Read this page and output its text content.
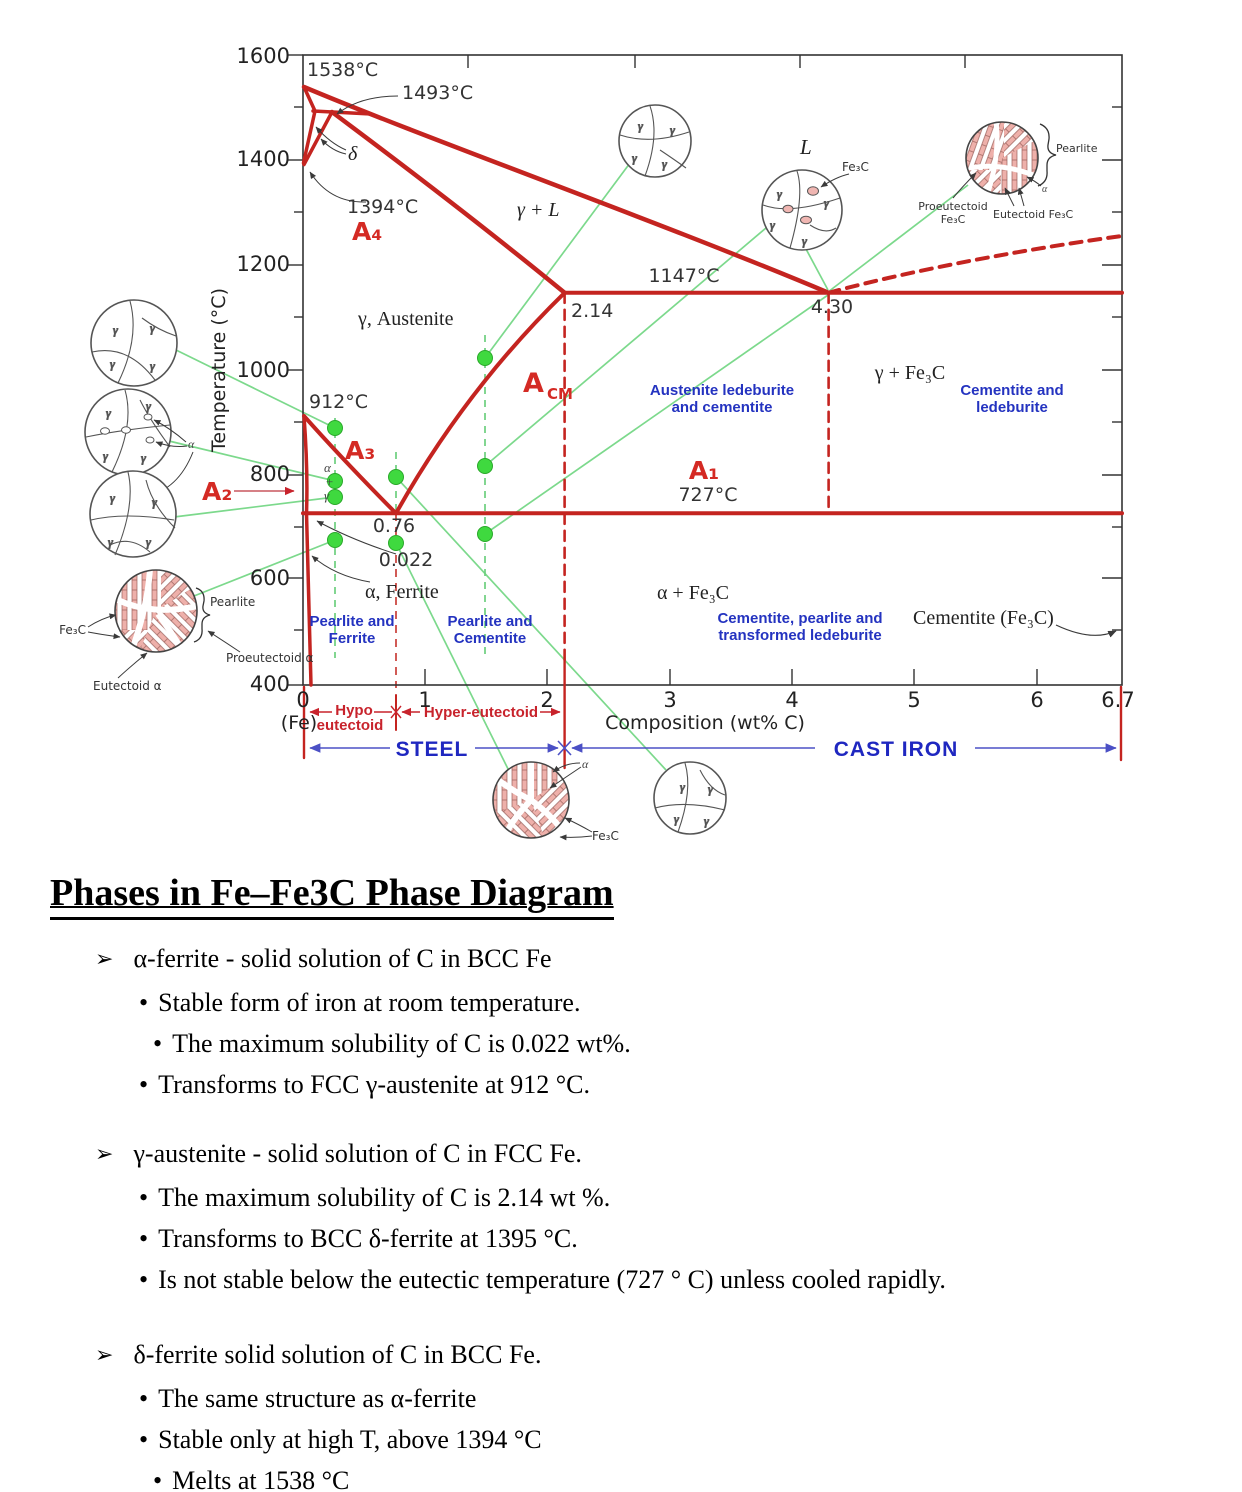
γ	γ
γ	γ
γ	γ
γ	γ
α
γ	γ
γ	γ
Pearlite
Fe₃C
Proeutectoid α
Eutectoid α
γ γ
γ γ
γ
γ
γ
γ
L
Fe₃C
Pearlite
α
Proeutectoid
Fe₃C	Eutectoid Fe₃C
α
Fe₃C
γ γ
γ γ
1600
1400
1200
1000
800
600
400
0	1	2	3	4	5	6	6.7
(Fe)	Composition (wt% C)
Temperature (°C)
1538°C
1493°C
δ
1394°C
A₄
γ + L
1147°C
2.14	4.30
γ, Austenite
A CM
912°C
A₃
α
+
γ
A₂
A₁
727°C
0.76
0.022
α, Ferrite
γ + Fe₃C
α + Fe₃C
Cementite (Fe₃C)
Austenite ledeburite
and cementite
Cementite and
ledeburite
Pearlite and
Ferrite
Pearlite and
Cementite
Cementite, pearlite and
transformed ledeburite
Hypo
eutectoid
Hyper-eutectoid
STEEL	CAST IRON
Phases in Fe–Fe3C Phase Diagram
➢ α-ferrite - solid solution of C in BCC Fe
• Stable form of iron at room temperature.
• The maximum solubility of C is 0.022 wt%.
• Transforms to FCC γ-austenite at 912 °C.
➢ γ-austenite - solid solution of C in FCC Fe.
• The maximum solubility of C is 2.14 wt %.
• Transforms to BCC δ-ferrite at 1395 °C.
• Is not stable below the eutectic temperature (727 ° C) unless cooled rapidly.
➢ δ-ferrite solid solution of C in BCC Fe.
• The same structure as α-ferrite
• Stable only at high T, above 1394 °C
• Melts at 1538 °C
